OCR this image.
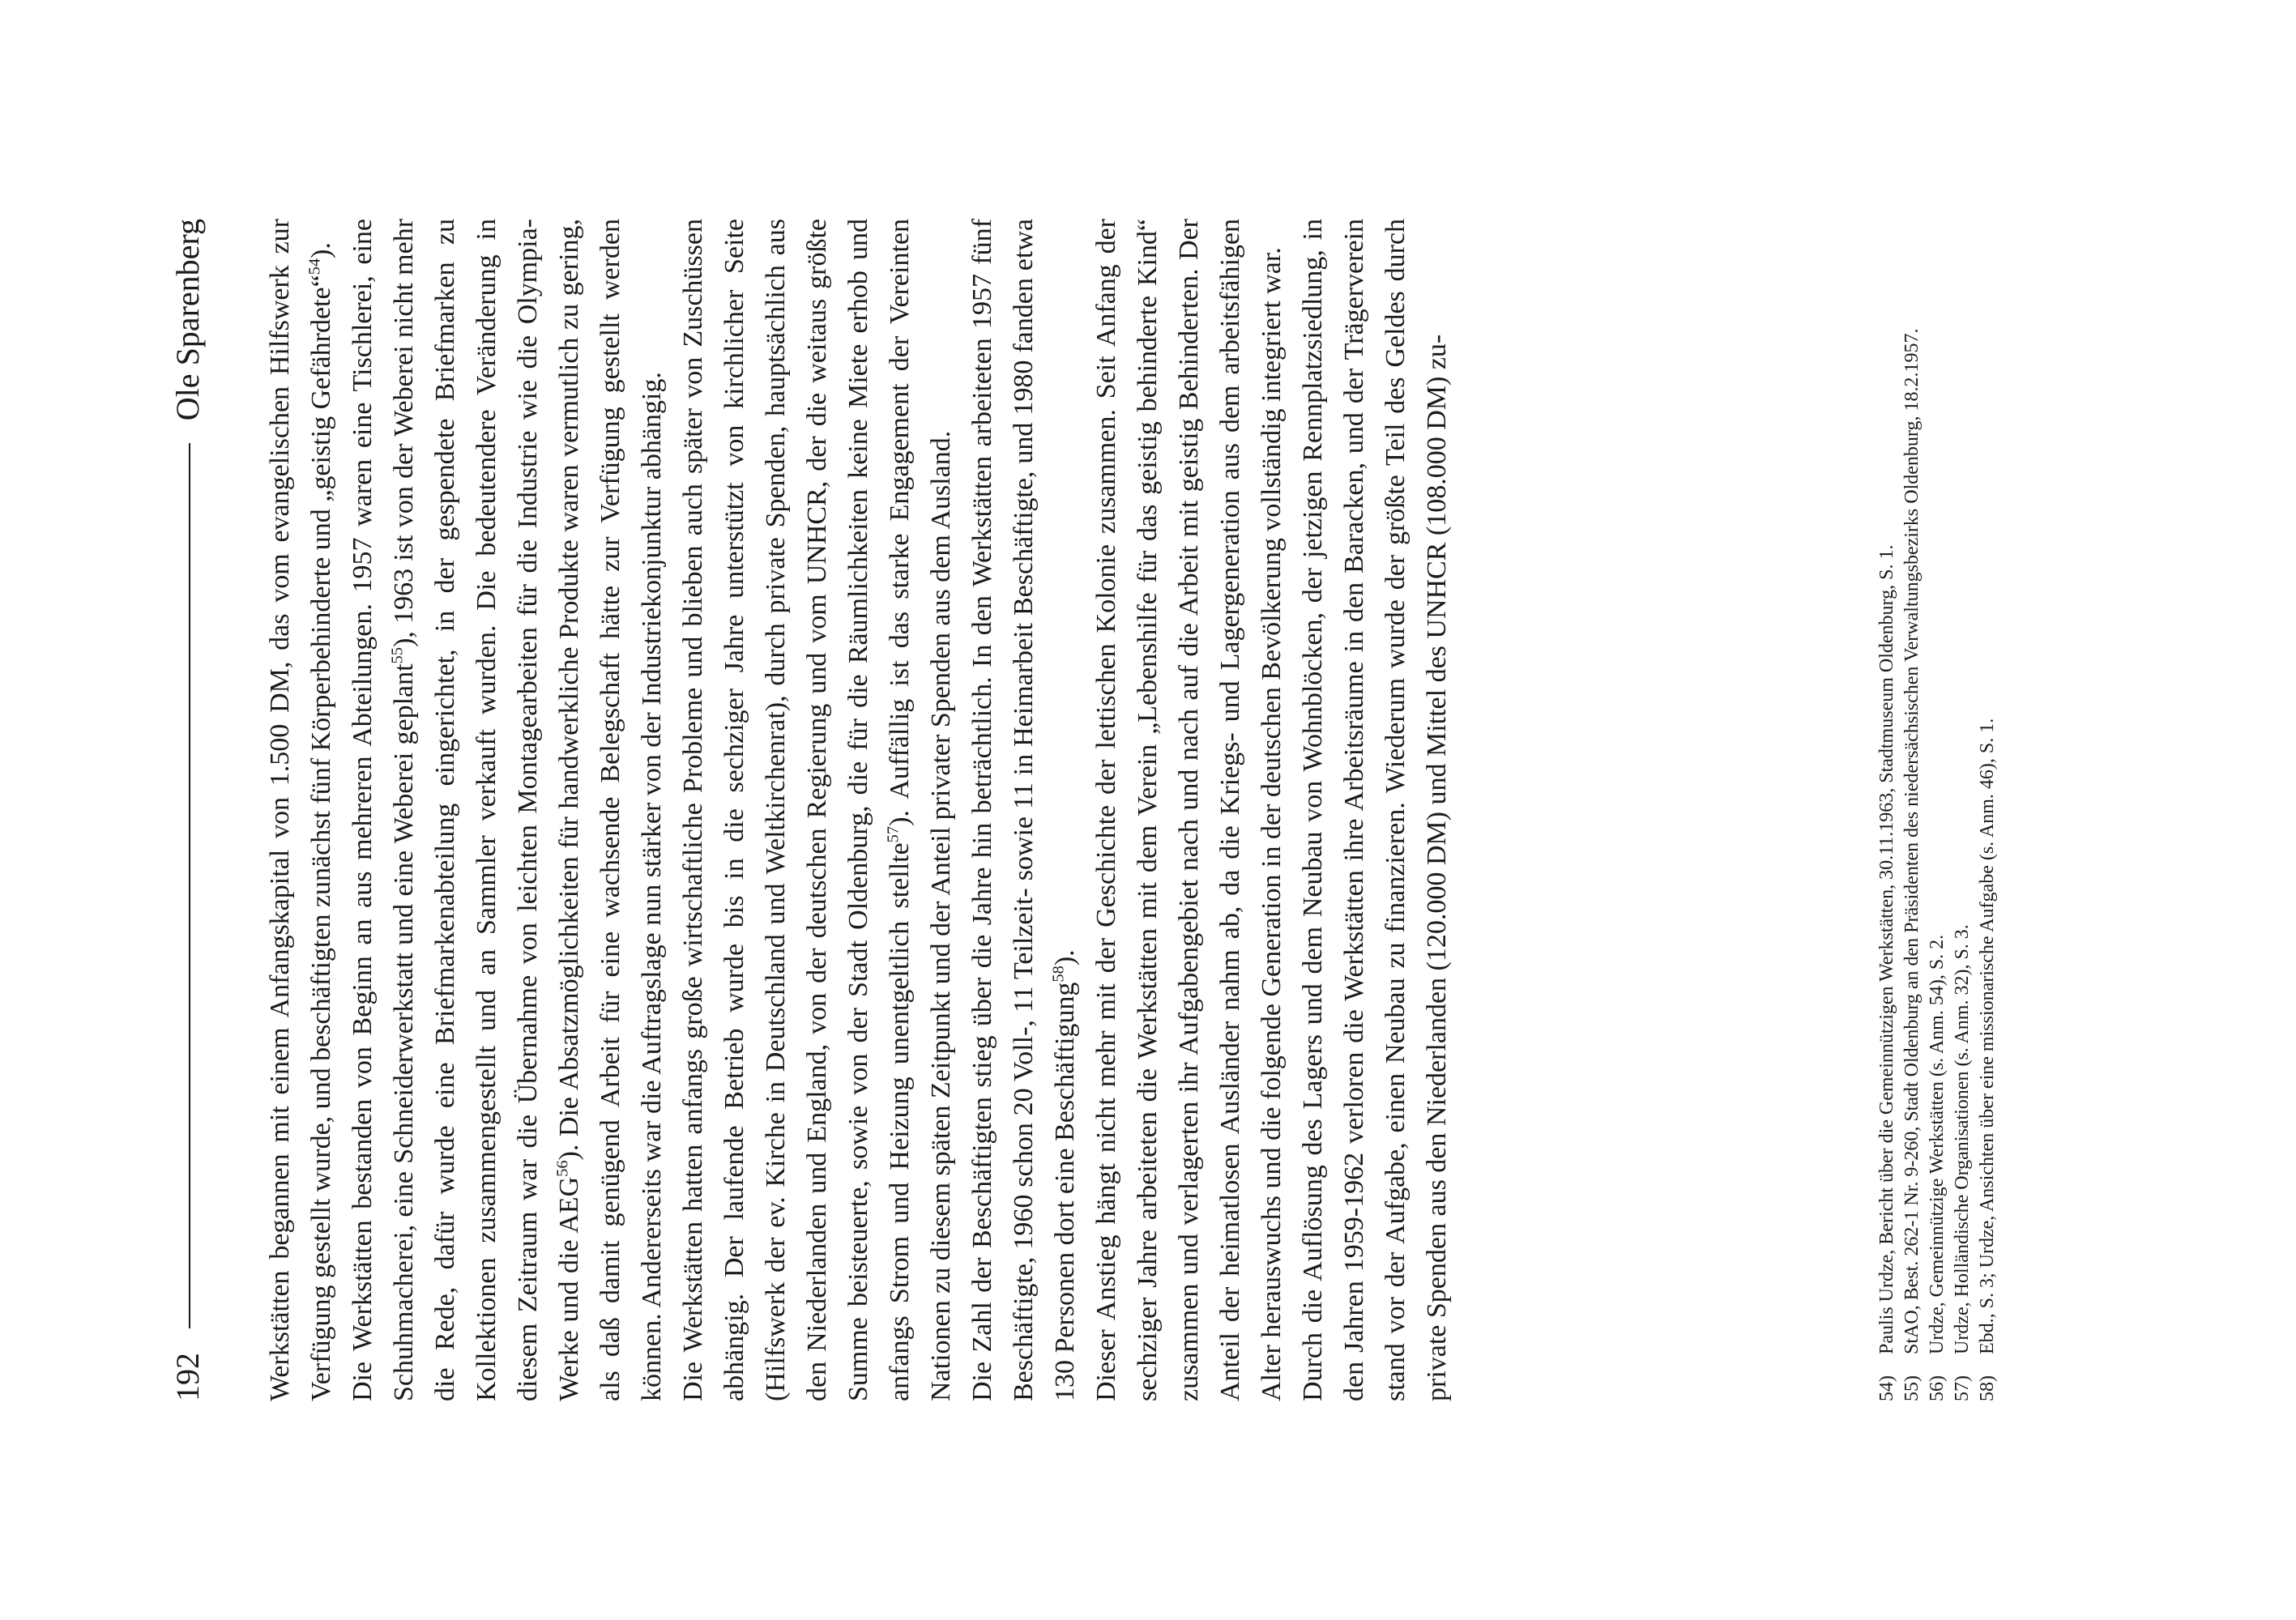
192
Ole Sparenberg Werkstätten begannen mit einem Anfangskapital von 1.500 DM, das vom evangelischen Hilfswerk zur Verfügung gestellt wurde, und beschäftigten zunächst fünf Körperbehinderte und „geistig Gefährdete“$^{54}$). Die Werkstätten bestanden von Beginn an aus mehreren Abteilungen. 1957 waren eine Tischlerei, eine Schuhmacherei, eine Schneiderwerkstatt und eine Weberei geplant$^{55}$), 1963 ist von der Weberei nicht mehr die Rede, dafür wurde eine Briefmarkenabteilung eingerichtet, in der gespendete Briefmarken zu Kollektionen zusammengestellt und an Sammler verkauft wurden. Die bedeutendere Veränderung in diesem Zeitraum war die Übernahme von leichten Montagearbeiten für die Industrie wie die Olympia-Werke und die AEG$^{56}$). Die Absatzmöglichkeiten für handwerkliche Produkte waren vermutlich zu gering, als daß damit genügend Arbeit für eine wachsende Belegschaft hätte zur Verfügung gestellt werden können. Andererseits war die Auftragslage nun stärker von der Industriekonjunktur abhängig. Die Werkstätten hatten anfangs große wirtschaftliche Probleme und blieben auch später von Zuschüssen abhängig. Der laufende Betrieb wurde bis in die sechziger Jahre unterstützt von kirchlicher Seite (Hilfswerk der ev. Kirche in Deutschland und Weltkirchenrat), durch private Spenden, hauptsächlich aus den Niederlanden und England, von der deutschen Regierung und vom UNHCR, der die weitaus größte Summe beisteuerte, sowie von der Stadt Oldenburg, die für die Räumlichkeiten keine Miete erhob und anfangs Strom und Heizung unentgeltlich stellte$^{57}$). Auffällig ist das starke Engagement der Vereinten Nationen zu diesem späten Zeitpunkt und der Anteil privater Spenden aus dem Ausland. Die Zahl der Beschäftigten stieg über die Jahre hin beträchtlich. In den Werkstätten arbeiteten 1957 fünf Beschäftigte, 1960 schon 20 Voll-, 11 Teilzeit- sowie 11 in Heimarbeit Beschäftigte, und 1980 fanden etwa 130 Personen dort eine Beschäftigung$^{58}$). Dieser Anstieg hängt nicht mehr mit der Geschichte der lettischen Kolonie zusammen. Seit Anfang der sechziger Jahre arbeiteten die Werkstätten mit dem Verein „Lebenshilfe für das geistig behinderte Kind“ zusammen und verlagerten ihr Aufgabengebiet nach und nach auf die Arbeit mit geistig Behinderten. Der Anteil der heimatlosen Ausländer nahm ab, da die Kriegs- und Lagergeneration aus dem arbeitsfähigen Alter herauswuchs und die folgende Generation in der deutschen Bevölkerung vollständig integriert war. Durch die Auflösung des Lagers und dem Neubau von Wohnblöcken, der jetzigen Rennplatzsiedlung, in den Jahren 1959-1962 verloren die Werkstätten ihre Arbeitsräume in den Baracken, und der Trägerverein stand vor der Aufgabe, einen Neubau zu finanzieren. Wiederum wurde der größte Teil des Geldes durch private Spenden aus den Niederlanden (120.000 DM) und Mittel des UNHCR (108.000 DM) zu-	54)
Paulis Urdze, Bericht über die Gemeinnützigen Werkstätten, 30.11.1963, Stadtmuseum Oldenburg, S. 1.
55)
StAO, Best. 262-1 Nr. 9-260, Stadt Oldenburg an den Präsidenten des niedersächsischen Verwaltungsbezirks Oldenburg, 18.2.1957.
56)
Urdze, Gemeinnützige Werkstätten (s. Anm. 54), S. 2.
57)
Urdze, Holländische Organisationen (s. Anm. 32), S. 3.
58)
Ebd., S. 3; Urdze, Ansichten über eine missionarische Aufgabe (s. Anm. 46), S. 1.
